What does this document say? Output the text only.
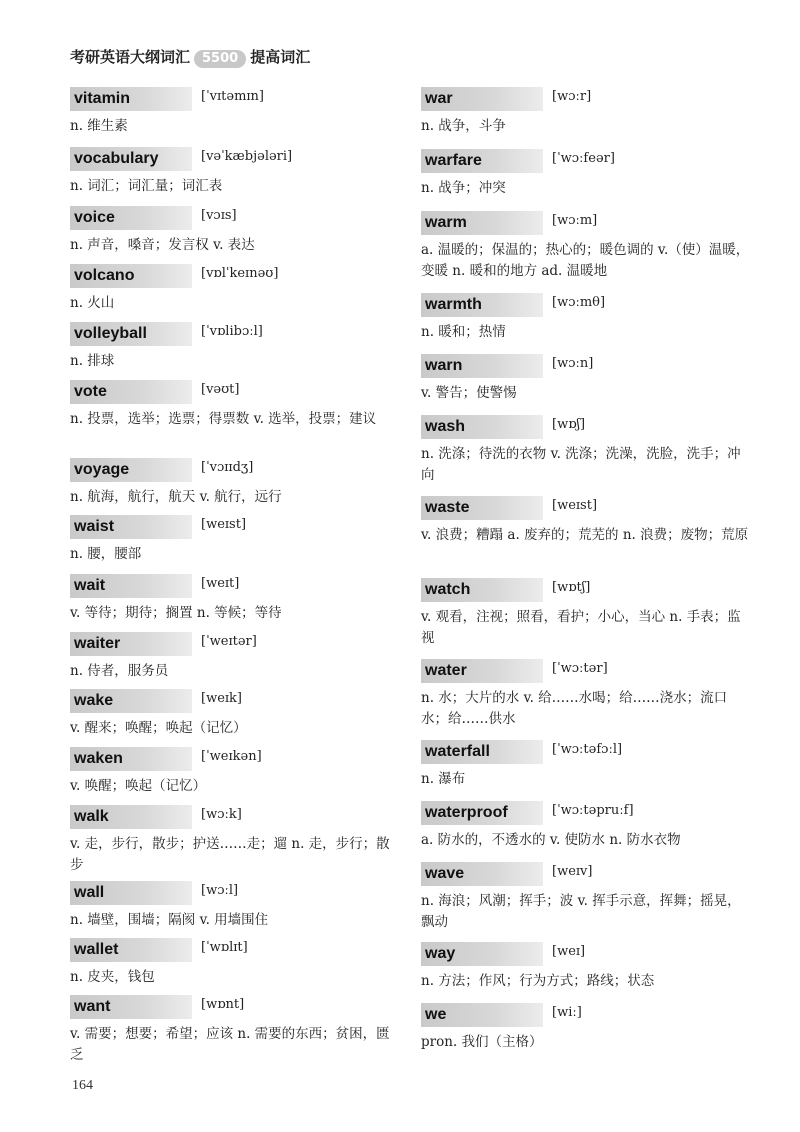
考研英语大纲词汇 5500 提高词汇
vitamin	[ˈvɪtəmɪn]
n. 维生素
vocabulary	[vəˈkæbjələri]
n. 词汇；词汇量；词汇表
voice	[vɔɪs]
n. 声音，嗓音；发言权 v. 表达
volcano	[vɒlˈkeɪnəʊ]
n. 火山
volleyball	[ˈvɒlibɔːl]
n. 排球
vote	[vəʊt]
n. 投票，选举；选票；得票数 v. 选举，投票；建议
voyage	[ˈvɔɪɪdʒ]
n. 航海，航行，航天 v. 航行，远行
waist	[weɪst]
n. 腰，腰部
wait	[weɪt]
v. 等待；期待；搁置 n. 等候；等待
waiter	[ˈweɪtər]
n. 侍者，服务员
wake	[weɪk]
v. 醒来；唤醒；唤起（记忆）
waken	[ˈweɪkən]
v. 唤醒；唤起（记忆）
walk	[wɔːk]
v. 走，步行，散步；护送……走；遛 n. 走，步行；散步
wall	[wɔːl]
n. 墙壁，围墙；隔阂 v. 用墙围住
wallet	[ˈwɒlɪt]
n. 皮夹，钱包
want	[wɒnt]
v. 需要；想要；希望；应该 n. 需要的东西；贫困，匮乏
war	[wɔːr]
n. 战争，斗争
warfare	[ˈwɔːfeər]
n. 战争；冲突
warm	[wɔːm]
a. 温暖的；保温的；热心的；暖色调的 v.（使）温暖，变暖 n. 暖和的地方 ad. 温暖地
warmth	[wɔːmθ]
n. 暖和；热情
warn	[wɔːn]
v. 警告；使警惕
wash	[wɒʃ]
n. 洗涤；待洗的衣物 v. 洗涤；洗澡，洗脸，洗手；冲向
waste	[weɪst]
v. 浪费；糟蹋 a. 废弃的；荒芜的 n. 浪费；废物；荒原
watch	[wɒtʃ]
v. 观看，注视；照看，看护；小心，当心 n. 手表；监视
water	[ˈwɔːtər]
n. 水；大片的水 v. 给……水喝；给……浇水；流口水；给……供水
waterfall	[ˈwɔːtəfɔːl]
n. 瀑布
waterproof	[ˈwɔːtəpruːf]
a. 防水的，不透水的 v. 使防水 n. 防水衣物
wave	[weɪv]
n. 海浪；风潮；挥手；波 v. 挥手示意，挥舞；摇晃，飘动
way	[weɪ]
n. 方法；作风；行为方式；路线；状态
we	[wiː]
pron. 我们（主格）
164
